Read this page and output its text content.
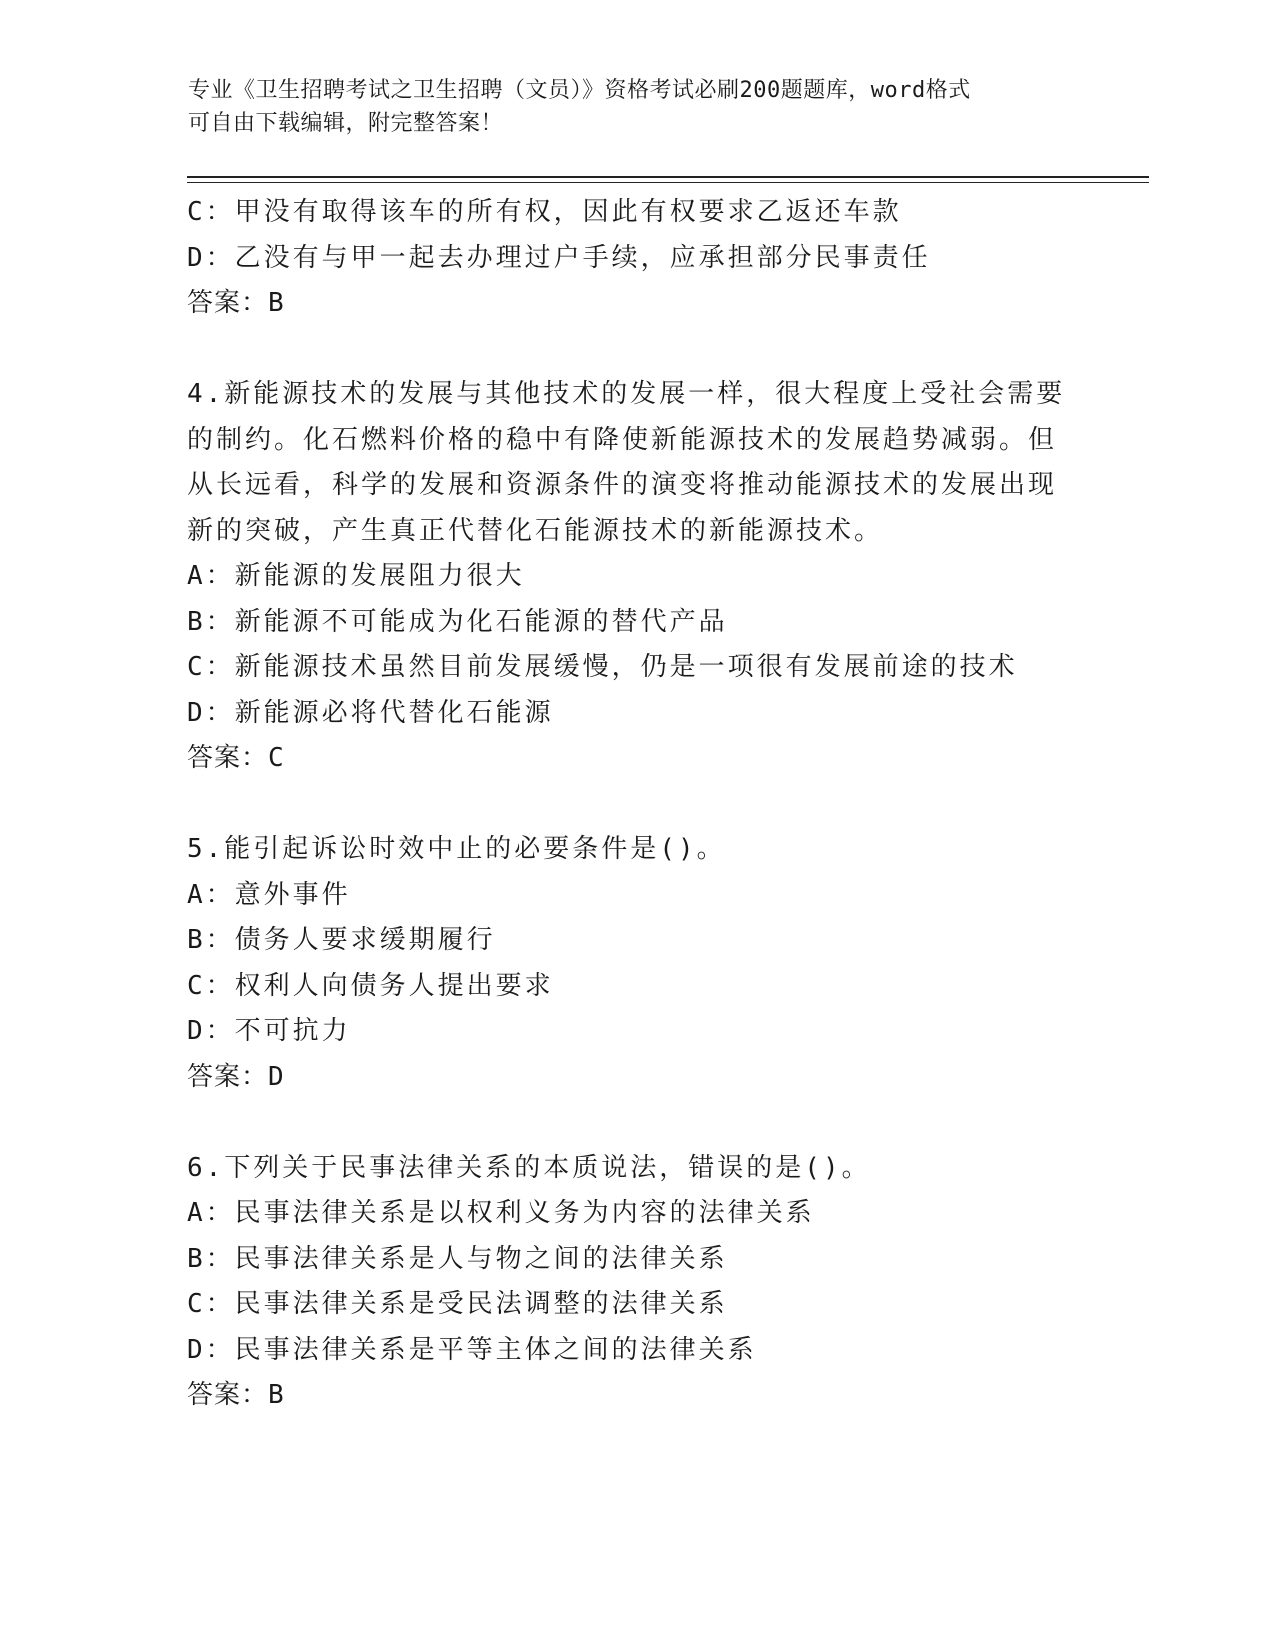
专业《卫生招聘考试之卫生招聘（文员）》资格考试必刷200题题库，word格式
可自由下载编辑，附完整答案！
C：甲没有取得该车的所有权，因此有权要求乙返还车款
D：乙没有与甲一起去办理过户手续，应承担部分民事责任
答案：B
4.新能源技术的发展与其他技术的发展一样，很大程度上受社会需要
的制约。化石燃料价格的稳中有降使新能源技术的发展趋势减弱。但
从长远看，科学的发展和资源条件的演变将推动能源技术的发展出现
新的突破，产生真正代替化石能源技术的新能源技术。
A：新能源的发展阻力很大
B：新能源不可能成为化石能源的替代产品
C：新能源技术虽然目前发展缓慢，仍是一项很有发展前途的技术
D：新能源必将代替化石能源
答案：C
5.能引起诉讼时效中止的必要条件是()。
A：意外事件
B：债务人要求缓期履行
C：权利人向债务人提出要求
D：不可抗力
答案：D
6.下列关于民事法律关系的本质说法，错误的是()。
A：民事法律关系是以权利义务为内容的法律关系
B：民事法律关系是人与物之间的法律关系
C：民事法律关系是受民法调整的法律关系
D：民事法律关系是平等主体之间的法律关系
答案：B
